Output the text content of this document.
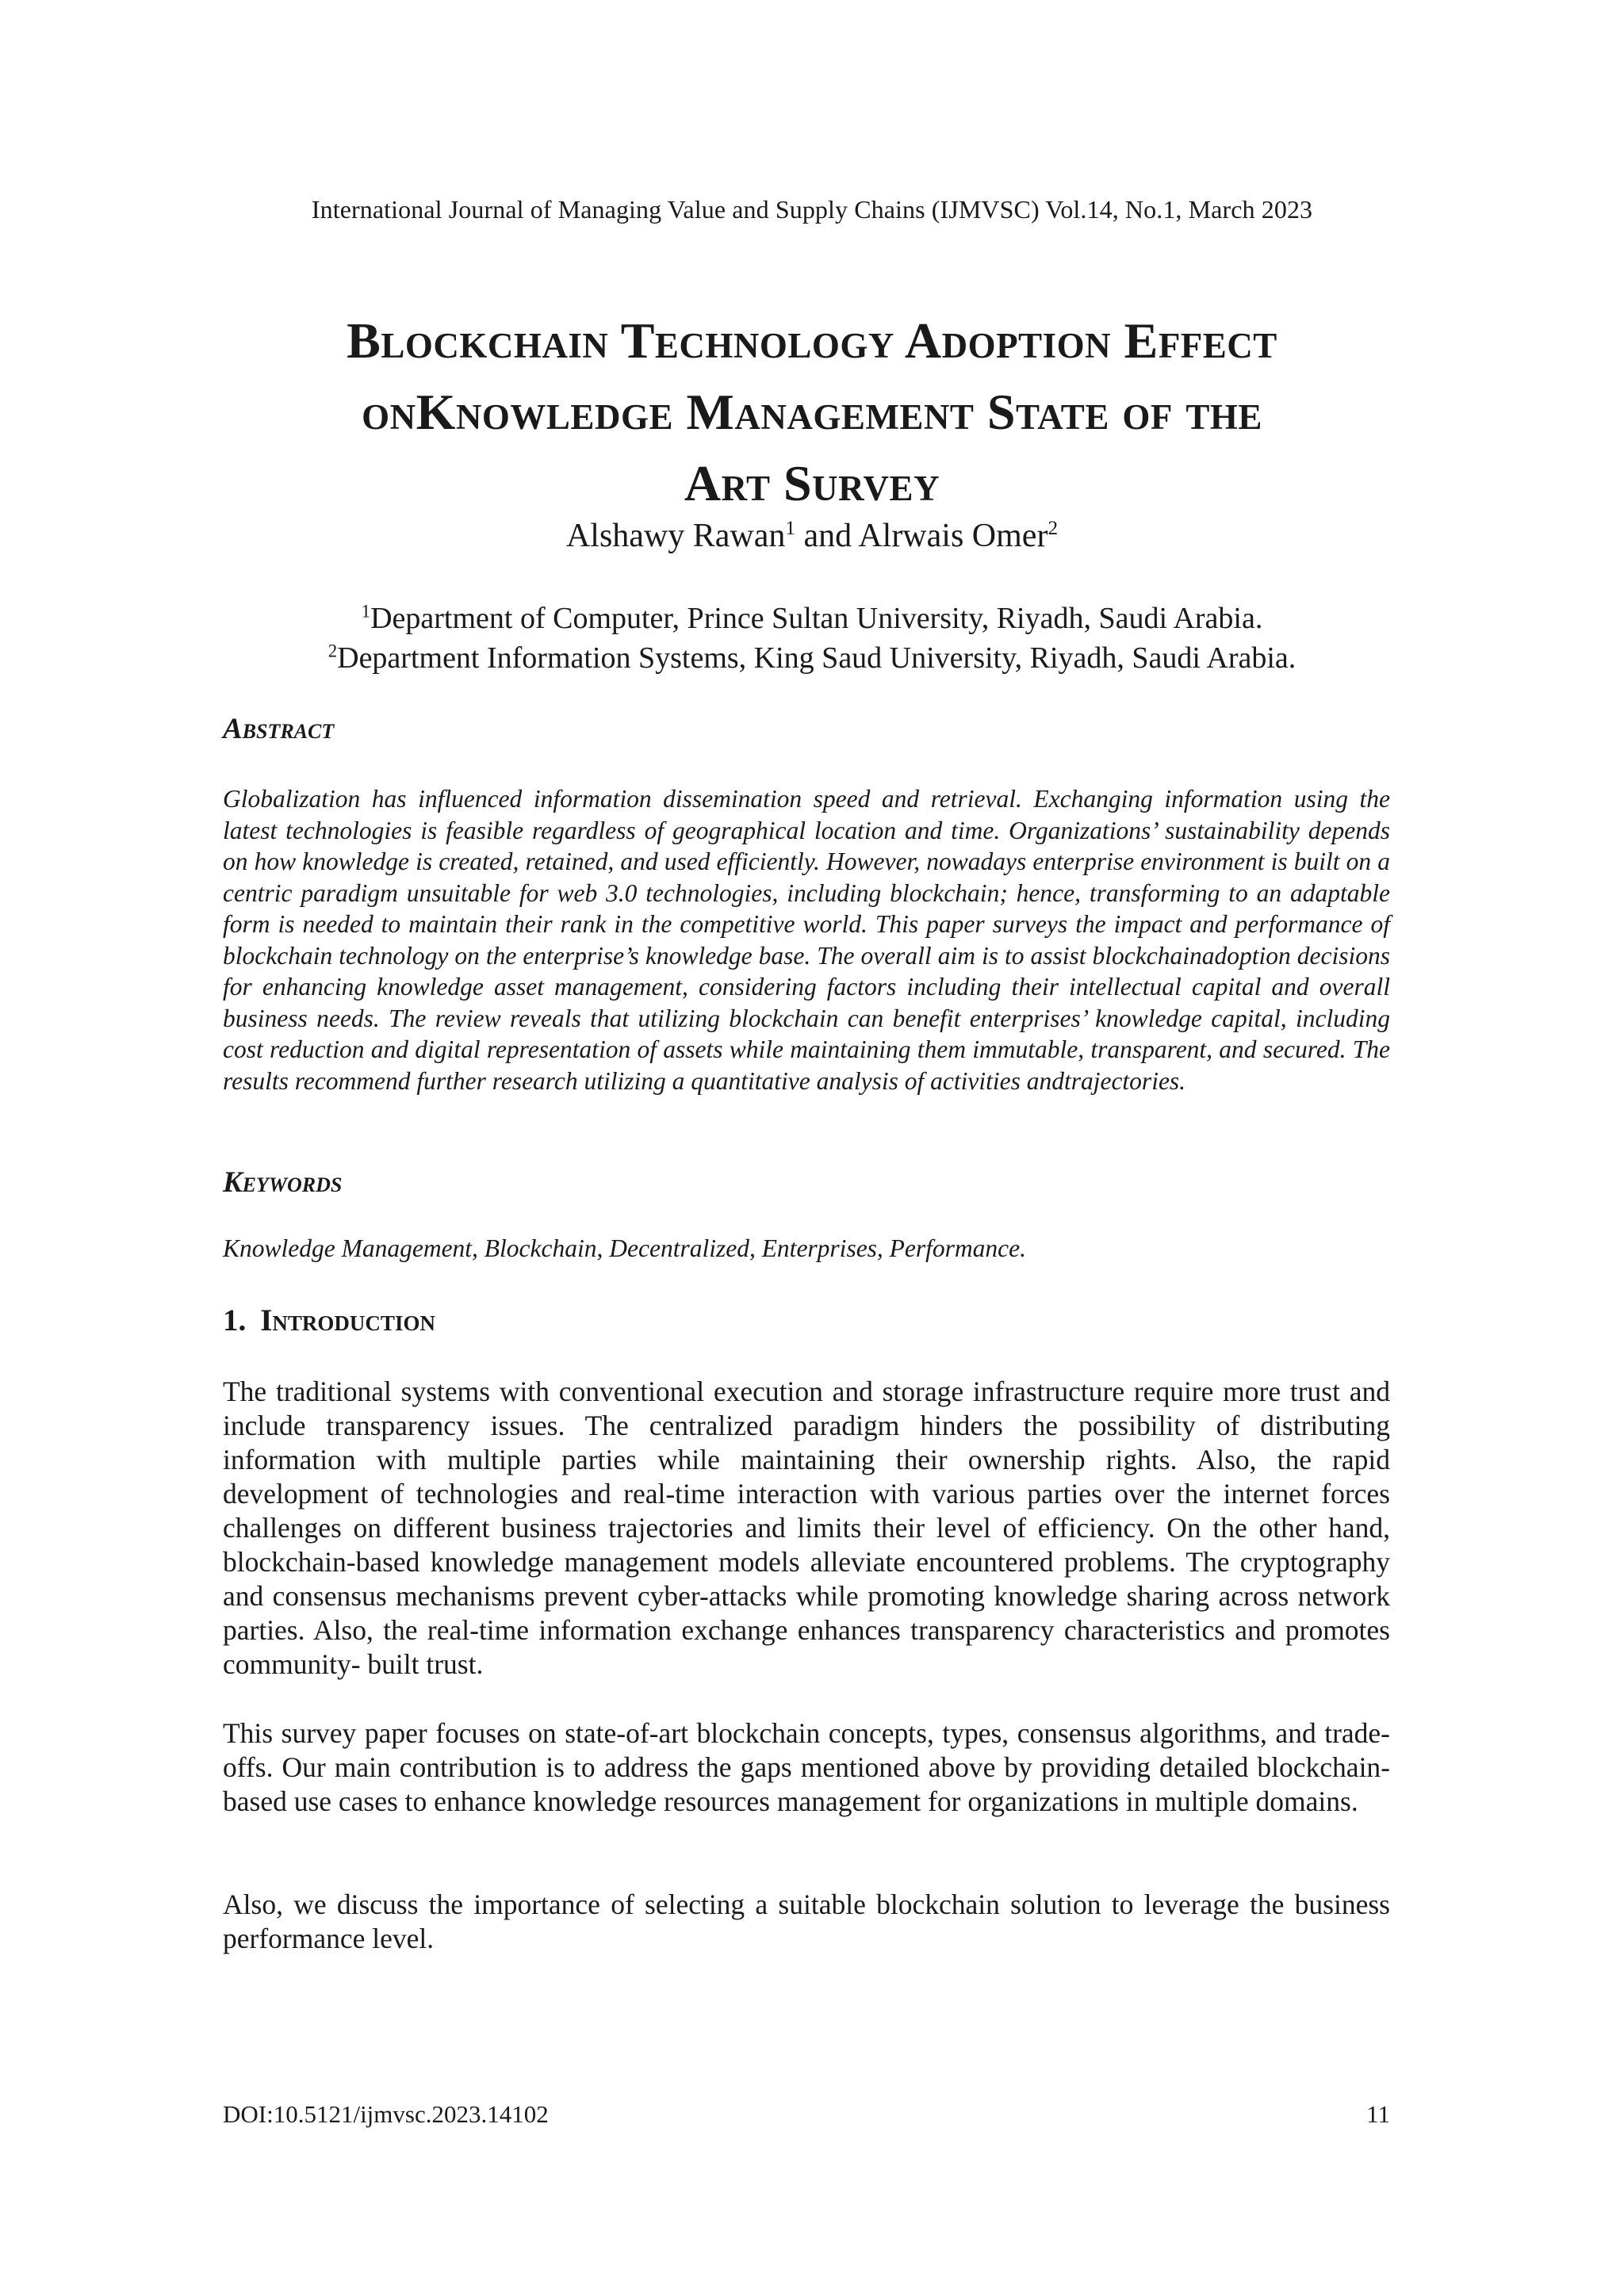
International Journal of Managing Value and Supply Chains (IJMVSC) Vol.14, No.1, March 2023
Blockchain Technology Adoption Effect
onKnowledge Management State of the
Art Survey
Alshawy Rawan$^1$ and Alrwais Omer$^2$
$^1$Department of Computer, Prince Sultan University, Riyadh, Saudi Arabia.
$^2$Department Information Systems, King Saud University, Riyadh, Saudi Arabia.
Abstract
Globalization has influenced information dissemination speed and retrieval. Exchanging information using the latest technologies is feasible regardless of geographical location and time. Organizations’ sustainability depends on how knowledge is created, retained, and used efficiently. However, nowadays enterprise environment is built on a centric paradigm unsuitable for web 3.0 technologies, including blockchain; hence, transforming to an adaptable form is needed to maintain their rank in the competitive world. This paper surveys the impact and performance of blockchain technology on the enterprise’s knowledge base. The overall aim is to assist blockchainadoption decisions for enhancing knowledge asset management, considering factors including their intellectual capital and overall business needs. The review reveals that utilizing blockchain can benefit enterprises’ knowledge capital, including cost reduction and digital representation of assets while maintaining them immutable, transparent, and secured. The results recommend further research utilizing a quantitative analysis of activities andtrajectories.
Keywords
Knowledge Management, Blockchain, Decentralized, Enterprises, Performance.
1. Introduction
The traditional systems with conventional execution and storage infrastructure require more trust and include transparency issues. The centralized paradigm hinders the possibility of distributing information with multiple parties while maintaining their ownership rights. Also, the rapid development of technologies and real-time interaction with various parties over the internet forces challenges on different business trajectories and limits their level of efficiency. On the other hand, blockchain-based knowledge management models alleviate encountered problems. The cryptography and consensus mechanisms prevent cyber-attacks while promoting knowledge sharing across network parties. Also, the real-time information exchange enhances transparency characteristics and promotes community- built trust.
This survey paper focuses on state-of-art blockchain concepts, types, consensus algorithms, and trade-offs. Our main contribution is to address the gaps mentioned above by providing detailed blockchain- based use cases to enhance knowledge resources management for organizations in multiple domains.
Also, we discuss the importance of selecting a suitable blockchain solution to leverage the business performance level.
DOI:10.5121/ijmvsc.2023.14102	11
